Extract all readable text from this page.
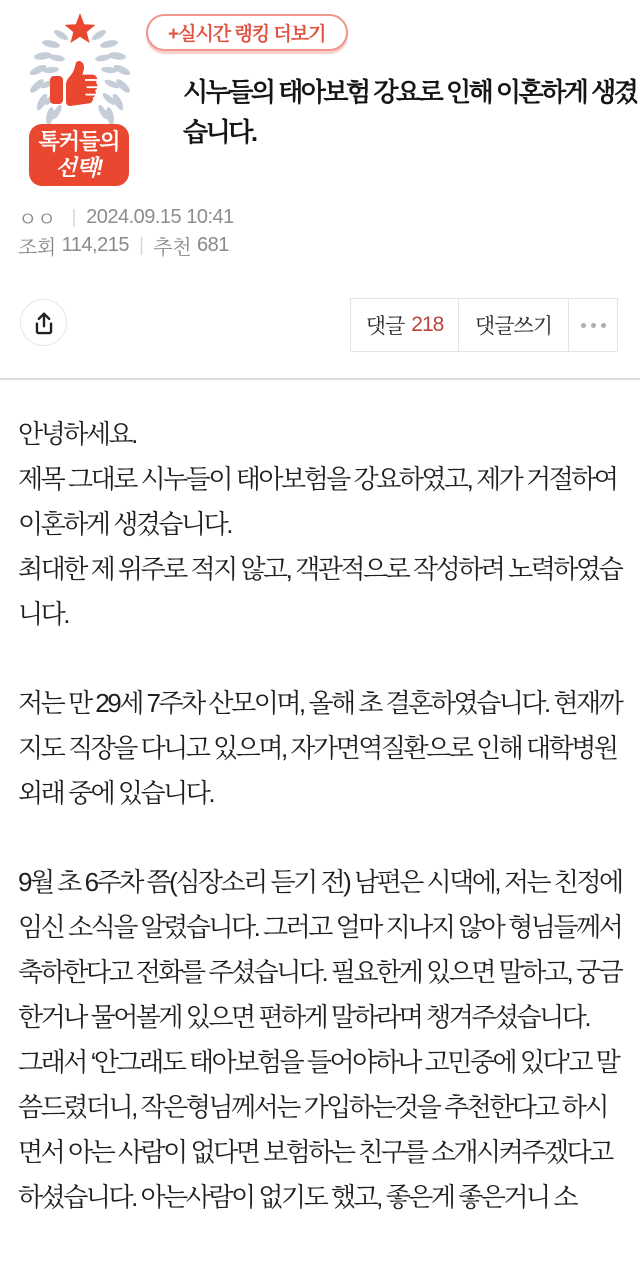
톡커들의
선택!
+실시간 랭킹 더보기
시누들의 태아보험 강요로 인해 이혼하게 생겼습니다.
ㅇㅇ | 2024.09.15 10:41
조회 114,215 | 추천 681
댓글 218 댓글쓰기
안녕하세요.
제목 그대로 시누들이 태아보험을 강요하였고, 제가 거절하여 이혼하게 생겼습니다.
최대한 제 위주로 적지 않고, 객관적으로 작성하려 노력하였습니다.
저는 만 29세 7주차 산모이며, 올해 초 결혼하였습니다. 현재까지도 직장을 다니고 있으며, 자가면역질환으로 인해 대학병원 외래 중에 있습니다.
9월 초 6주차 쯤(심장소리 듣기 전) 남편은 시댁에, 저는 친정에 임신 소식을 알렸습니다. 그러고 얼마 지나지 않아 형님들께서 축하한다고 전화를 주셨습니다. 필요한게 있으면 말하고, 궁금한거나 물어볼게 있으면 편하게 말하라며 챙겨주셨습니다.
그래서 ‘안그래도 태아보험을 들어야하나 고민중에 있다’고 말씀드렸더니, 작은형님께서는 가입하는것을 추천한다고 하시면서 아는 사람이 없다면 보험하는 친구를 소개시켜주겠다고 하셨습니다. 아는사람이 없기도 했고, 좋은게 좋은거니 소
